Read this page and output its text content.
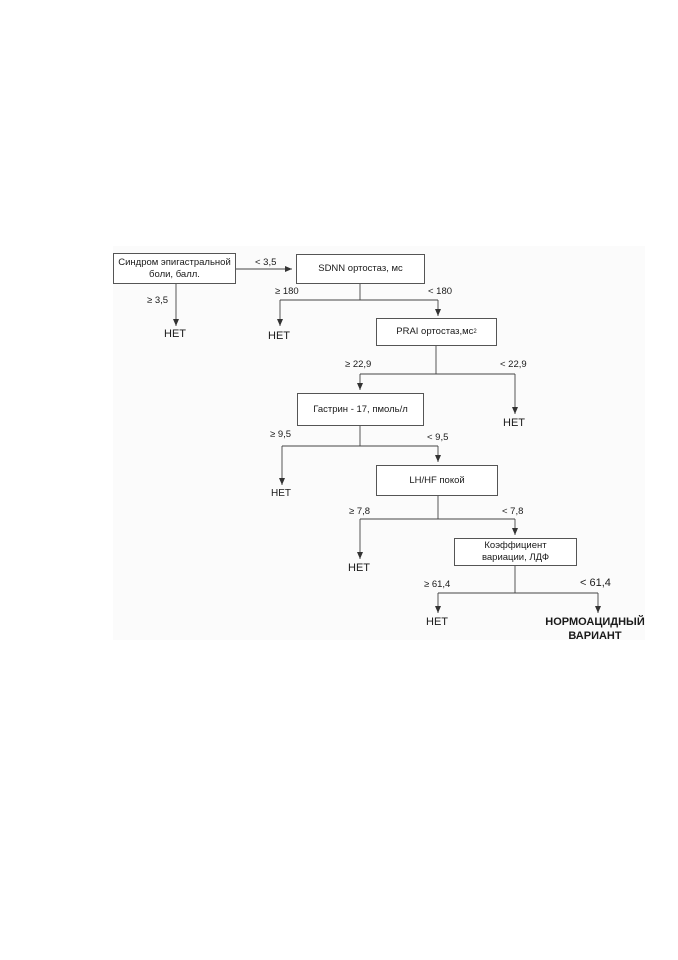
Синдром эпигастральной
боли, балл.	SDNN ортостаз, мс
PRAI ортостаз,мс 2
Гастрин - 17, пмоль/л
LH/HF покой
Коэффициент
вариации, ЛДФ
< 3,5
≥ 3,5
≥ 180	< 180
≥ 22,9	< 22,9
≥ 9,5	< 9,5
≥ 7,8	< 7,8
≥ 61,4	< 61,4
НЕТ	НЕТ
НЕТ
НЕТ
НЕТ
НЕТ	НОРМОАЦИДНЫЙ
ВАРИАНТ
